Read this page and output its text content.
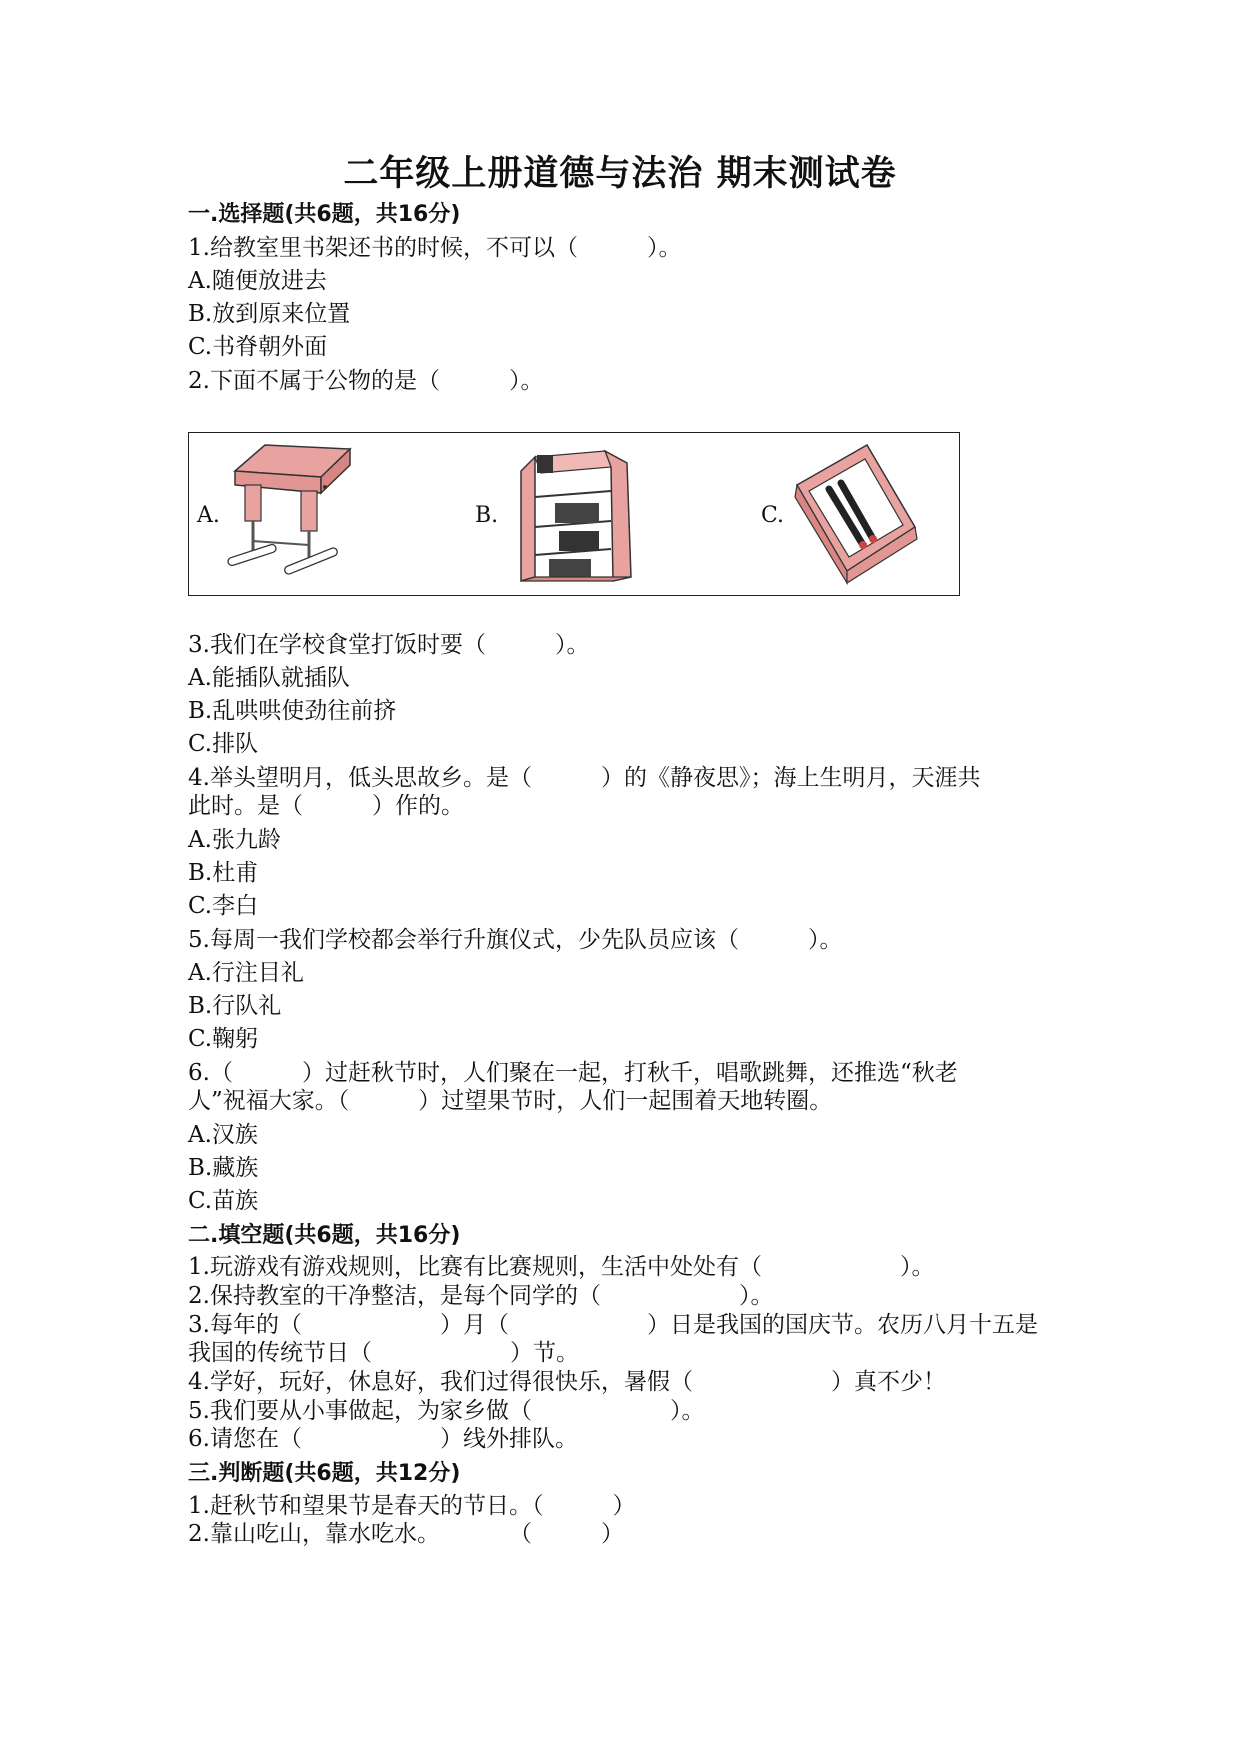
二年级上册道德与法治 期末测试卷
一.选择题(共6题，共16分)
1.给教室里书架还书的时候，不可以（　　　）。
A.随便放进去
B.放到原来位置
C.书脊朝外面
2.下面不属于公物的是（　　　）。
A.	B.	C.
3.我们在学校食堂打饭时要（　　　）。
A.能插队就插队
B.乱哄哄使劲往前挤
C.排队
4.举头望明月，低头思故乡。是（　　　）的《静夜思》；海上生明月，天涯共
此时。是（　　　）作的。
A.张九龄
B.杜甫
C.李白
5.每周一我们学校都会举行升旗仪式，少先队员应该（　　　）。
A.行注目礼
B.行队礼
C.鞠躬
6.（　　　）过赶秋节时，人们聚在一起，打秋千，唱歌跳舞，还推选“秋老
人”祝福大家。（　　　）过望果节时，人们一起围着天地转圈。
A.汉族
B.藏族
C.苗族
二.填空题(共6题，共16分)
1.玩游戏有游戏规则，比赛有比赛规则，生活中处处有（　　　　　　）。
2.保持教室的干净整洁，是每个同学的（　　　　　　）。
3.每年的（　　　　　　）月（　　　　　　）日是我国的国庆节。农历八月十五是
我国的传统节日（　　　　　　）节。
4.学好，玩好，休息好，我们过得很快乐，暑假（　　　　　　）真不少！
5.我们要从小事做起，为家乡做（　　　　　　）。
6.请您在（　　　　　　）线外排队。
三.判断题(共6题，共12分)
1.赶秋节和望果节是春天的节日。（　　　）
2.靠山吃山，靠水吃水。　　　　（　　　）
